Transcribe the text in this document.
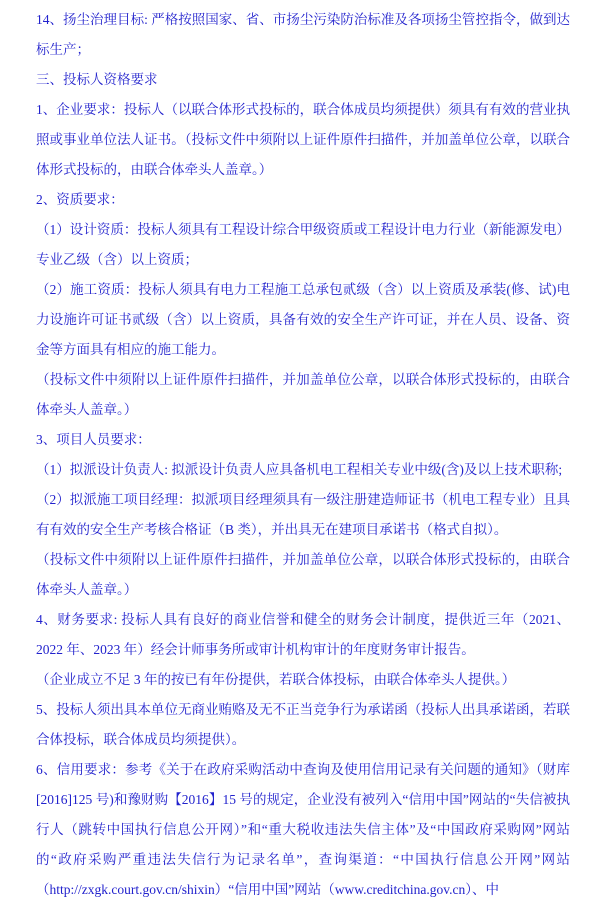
14、扬尘治理目标: 严格按照国家、省、市扬尘污染防治标准及各项扬尘管控指令，做到达标生产；

三、投标人资格要求

1、企业要求：投标人（以联合体形式投标的，联合体成员均须提供）须具有有效的营业执照或事业单位法人证书。（投标文件中须附以上证件原件扫描件，并加盖单位公章，以联合体形式投标的，由联合体牵头人盖章。）

2、资质要求：

（1）设计资质：投标人须具有工程设计综合甲级资质或工程设计电力行业（新能源发电）专业乙级（含）以上资质；

（2）施工资质：投标人须具有电力工程施工总承包贰级（含）以上资质及承装(修、试)电力设施许可证书贰级（含）以上资质，具备有效的安全生产许可证，并在人员、设备、资金等方面具有相应的施工能力。

（投标文件中须附以上证件原件扫描件，并加盖单位公章，以联合体形式投标的，由联合体牵头人盖章。）

3、项目人员要求：

（1）拟派设计负责人: 拟派设计负责人应具备机电工程相关专业中级(含)及以上技术职称;

（2）拟派施工项目经理：拟派项目经理须具有一级注册建造师证书（机电工程专业）且具有有效的安全生产考核合格证（B 类），并出具无在建项目承诺书（格式自拟）。

（投标文件中须附以上证件原件扫描件，并加盖单位公章，以联合体形式投标的，由联合体牵头人盖章。）

4、财务要求: 投标人具有良好的商业信誉和健全的财务会计制度，提供近三年（2021、2022 年、2023 年）经会计师事务所或审计机构审计的年度财务审计报告。

（企业成立不足 3 年的按已有年份提供，若联合体投标，由联合体牵头人提供。）

5、投标人须出具本单位无商业贿赂及无不正当竞争行为承诺函（投标人出具承诺函，若联合体投标，联合体成员均须提供）。

6、信用要求：参考《关于在政府采购活动中查询及使用信用记录有关问题的通知》（财库[2016]125 号)和豫财购【2016】15 号的规定，企业没有被列入“信用中国”网站的“失信被执行人（跳转中国执行信息公开网）”和“重大税收违法失信主体”及“中国政府采购网”网站的“政府采购严重违法失信行为记录名单”，查询渠道：“中国执行信息公开网”网站（http://zxgk.court.gov.cn/shixin）“信用中国”网站（www.creditchina.gov.cn）、中
